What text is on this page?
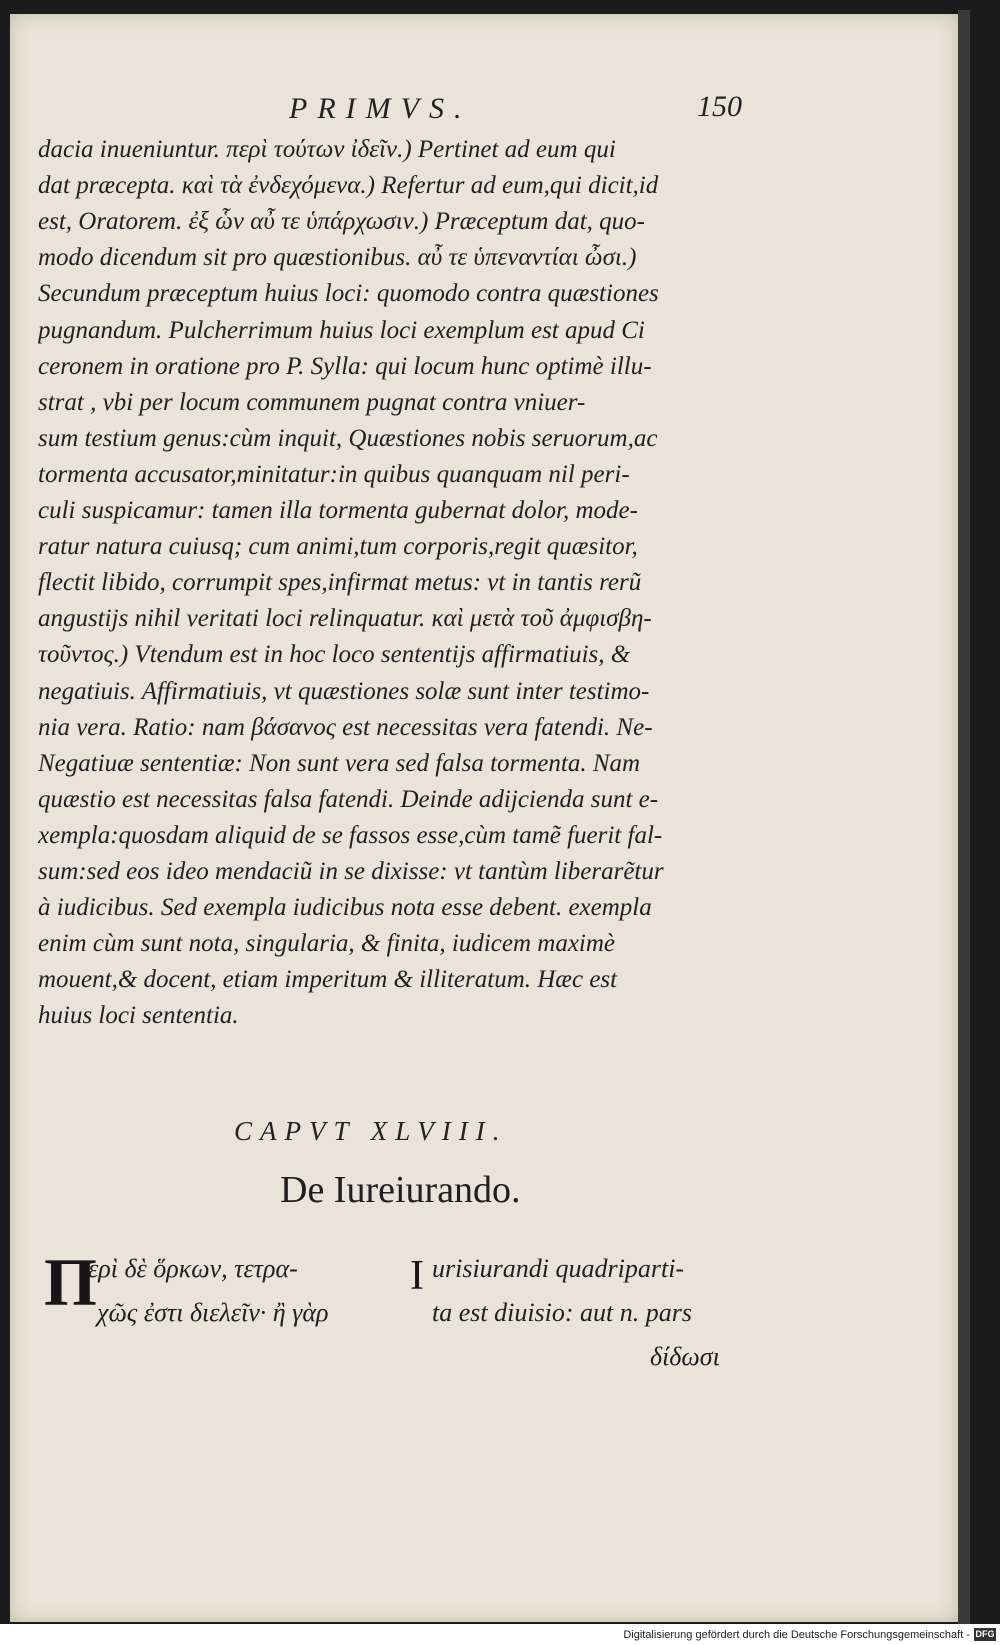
PRIMVS.	150
dacia inueniuntur. περὶ τούτων ἰδεῖν.) Pertinet ad eum qui
dat præcepta. καὶ τὰ ἐνδεχόμενα.) Refertur ad eum,qui dicit,id
est, Oratorem. ἐξ ὧν αὖ τε ὑπάρχωσιν.) Præceptum dat, quo-
modo dicendum sit pro quæstionibus. αὖ τε ὑπεναντίαι ὦσι.)
Secundum præceptum huius loci: quomodo contra quæstiones
pugnandum. Pulcherrimum huius loci exemplum est apud Ci
ceronem in oratione pro P. Sylla: qui locum hunc optimè illu-
strat , vbi per locum communem pugnat contra vniuer-
sum testium genus:cùm inquit, Quæstiones nobis seruorum,ac
tormenta accusator,minitatur:in quibus quanquam nil peri-
culi suspicamur: tamen illa tormenta gubernat dolor, mode-
ratur natura cuiusq; cum animi,tum corporis,regit quæsitor,
flectit libido, corrumpit spes,infirmat metus: vt in tantis rerũ
angustijs nihil veritati loci relinquatur. καὶ μετὰ τοῦ ἀμφισβη-
τοῦντος.) Vtendum est in hoc loco sententijs affirmatiuis, &
negatiuis. Affirmatiuis, vt quæstiones solæ sunt inter testimo-
nia vera. Ratio: nam βάσανος est necessitas vera fatendi. Ne-
Negatiuæ sententiæ: Non sunt vera sed falsa tormenta. Nam
quæstio est necessitas falsa fatendi. Deinde adijcienda sunt e-
xempla:quosdam aliquid de se fassos esse,cùm tamẽ fuerit fal-
sum:sed eos ideo mendaciũ in se dixisse: vt tantùm liberarẽtur
à iudicibus. Sed exempla iudicibus nota esse debent. exempla
enim cùm sunt nota, singularia, & finita, iudicem maximè
mouent,& docent, etiam imperitum & illiteratum. Hæc est
huius loci sententia.
CAPVT XLVIII.
De Iureiurando.
Π
ερὶ δὲ ὅρκων, τετρα-
χῶς ἐστι διελεῖν· ἢ γὰρ
I urisiurandi quadriparti-
ta est diuisio: aut n. pars
δίδωσι
Digitalisierung gefördert durch die Deutsche Forschungsgemeinschaft - DFG
